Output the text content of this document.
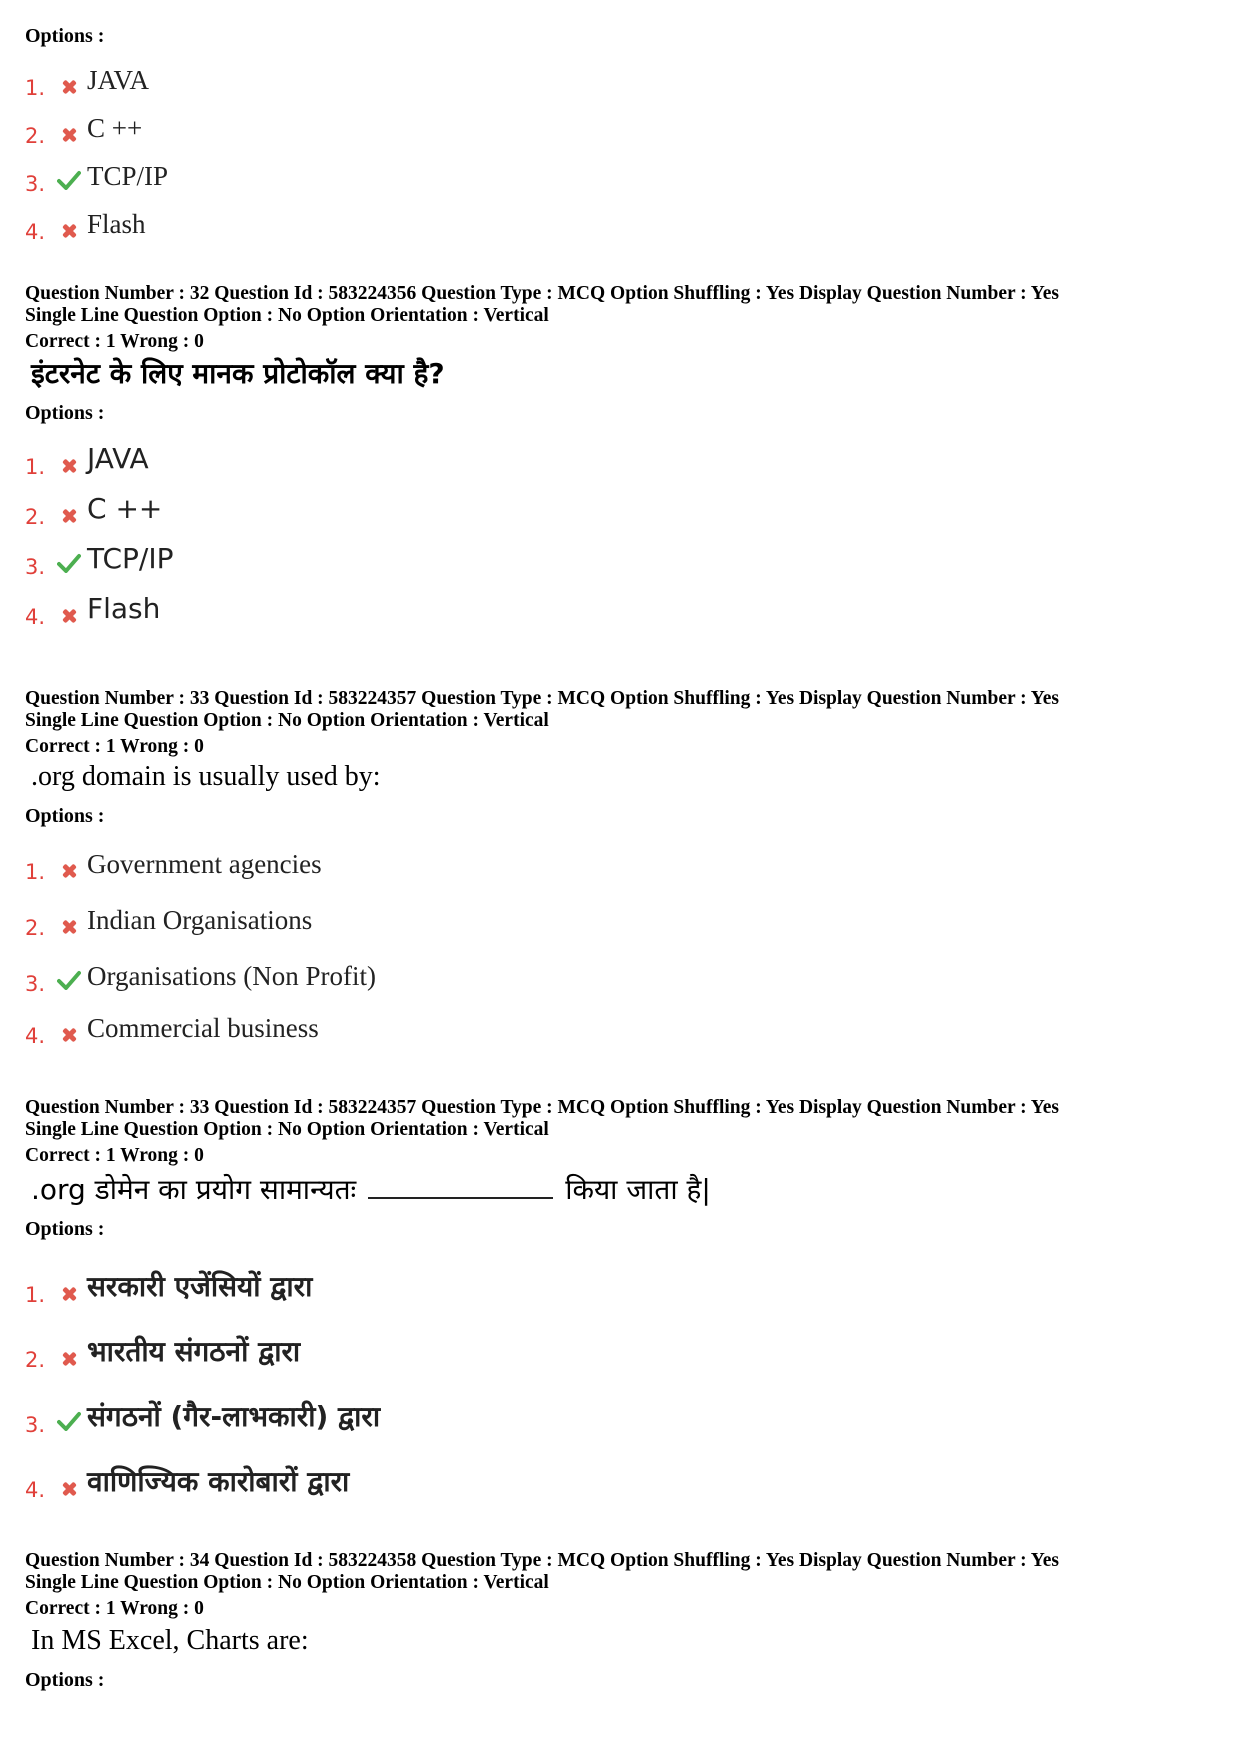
Options :
1. JAVA
2. C ++
3. TCP/IP
4. Flash
Question Number : 32 Question Id : 583224356 Question Type : MCQ Option Shuffling : Yes Display Question Number : Yes
Single Line Question Option : No Option Orientation : Vertical
Correct : 1 Wrong : 0
इंटरनेट के लिए मानक प्रोटोकॉल क्या है?
Options :
1. JAVA
2. C ++
3. TCP/IP
4. Flash
Question Number : 33 Question Id : 583224357 Question Type : MCQ Option Shuffling : Yes Display Question Number : Yes
Single Line Question Option : No Option Orientation : Vertical
Correct : 1 Wrong : 0
.org domain is usually used by:
Options :
1. Government agencies
2. Indian Organisations
3. Organisations (Non Profit)
4. Commercial business
Question Number : 33 Question Id : 583224357 Question Type : MCQ Option Shuffling : Yes Display Question Number : Yes
Single Line Question Option : No Option Orientation : Vertical
Correct : 1 Wrong : 0
.org डोमेन का प्रयोग सामान्यतः	किया जाता है|
Options :
1. सरकारी एजेंसियों द्वारा
2. भारतीय संगठनों द्वारा
3. संगठनों (गैर-लाभकारी) द्वारा
4. वाणिज्यिक कारोबारों द्वारा
Question Number : 34 Question Id : 583224358 Question Type : MCQ Option Shuffling : Yes Display Question Number : Yes
Single Line Question Option : No Option Orientation : Vertical
Correct : 1 Wrong : 0
In MS Excel, Charts are:
Options :
